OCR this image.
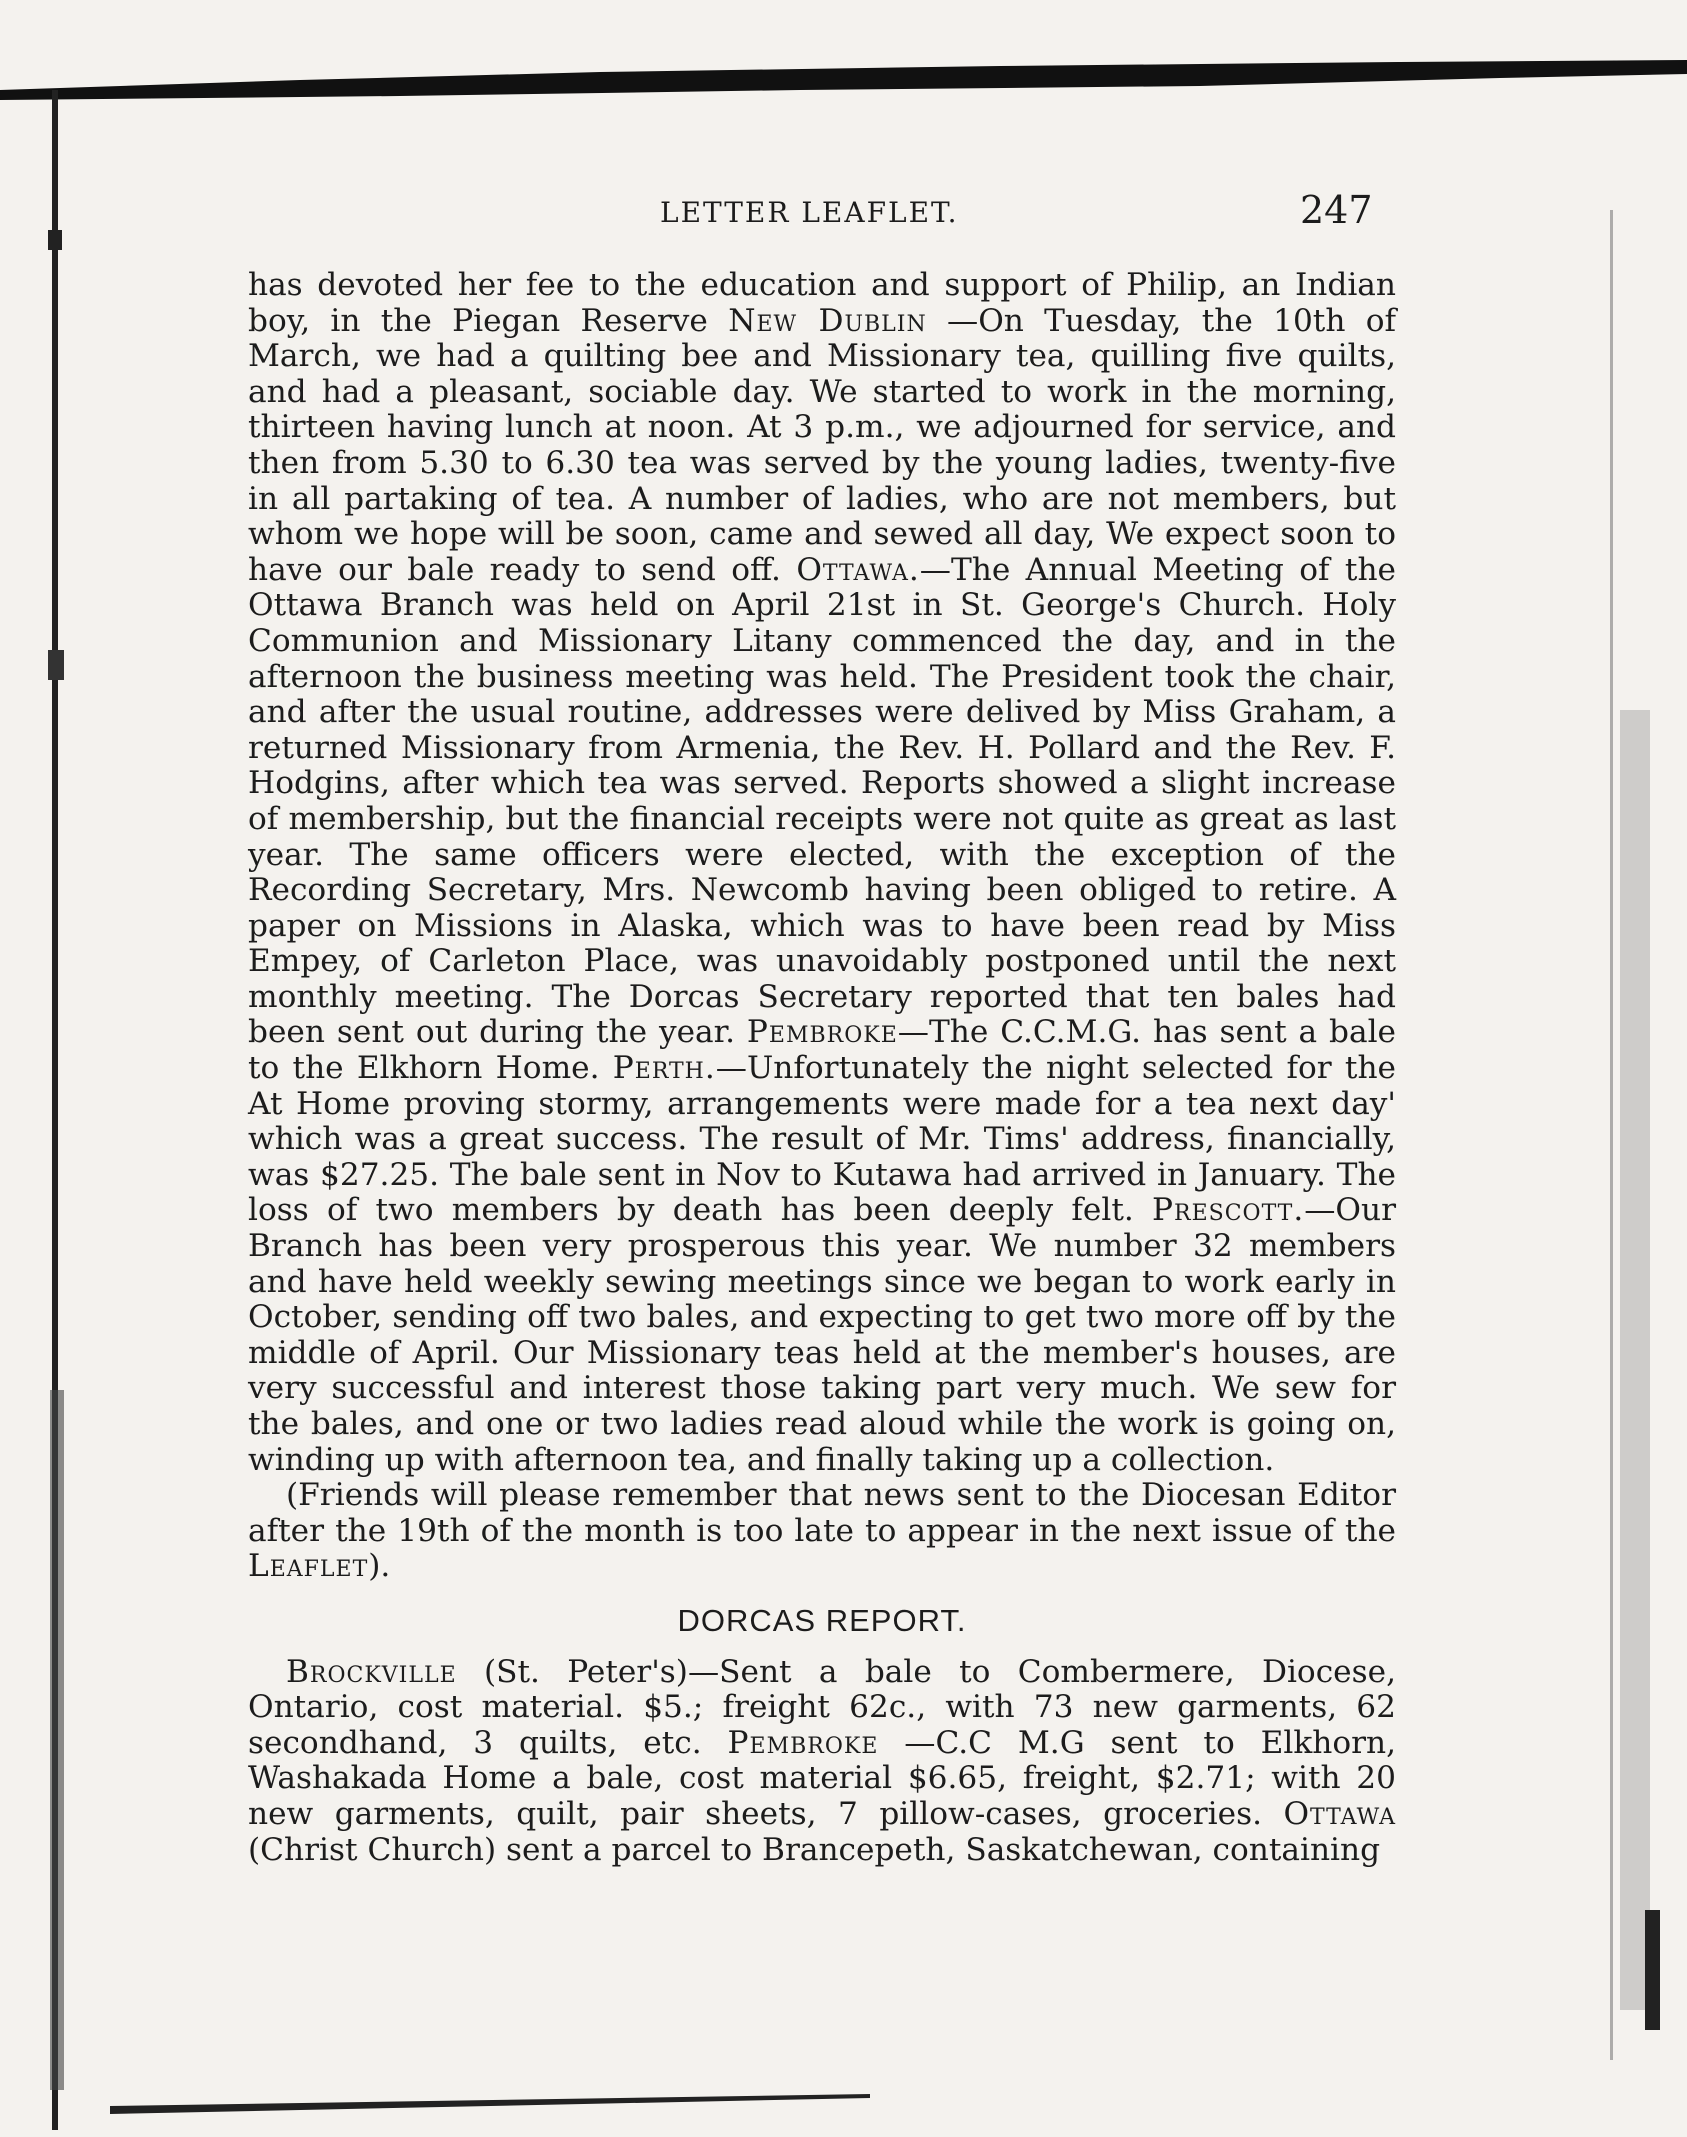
LETTER LEAFLET.	247

has devoted her fee to the education and support of Philip, an Indian boy, in the Piegan Reserve New Dublin —On Tuesday, the 10th of March, we had a quilting bee and Missionary tea, quilling five quilts, and had a pleasant, sociable day. We started to work in the morning, thirteen having lunch at noon. At 3 p.m., we adjourned for service, and then from 5.30 to 6.30 tea was served by the young ladies, twenty-five in all partaking of tea. A number of ladies, who are not members, but whom we hope will be soon, came and sewed all day, We expect soon to have our bale ready to send off. Ottawa.—The Annual Meeting of the Ottawa Branch was held on April 21st in St. George's Church. Holy Communion and Missionary Litany commenced the day, and in the afternoon the business meeting was held. The President took the chair, and after the usual routine, addresses were delived by Miss Graham, a returned Missionary from Armenia, the Rev. H. Pollard and the Rev. F. Hodgins, after which tea was served. Reports showed a slight increase of membership, but the financial receipts were not quite as great as last year. The same officers were elected, with the exception of the Recording Secretary, Mrs. Newcomb having been obliged to retire. A paper on Missions in Alaska, which was to have been read by Miss Empey, of Carleton Place, was unavoidably postponed until the next monthly meeting. The Dorcas Secretary reported that ten bales had been sent out during the year. Pembroke—The C.C.M.G. has sent a bale to the Elkhorn Home. Perth.—Unfortunately the night selected for the At Home proving stormy, arrangements were made for a tea next day' which was a great success. The result of Mr. Tims' address, financially, was $27.25. The bale sent in Nov to Kutawa had arrived in January. The loss of two members by death has been deeply felt. Prescott.—Our Branch has been very prosperous this year. We number 32 members and have held weekly sewing meetings since we began to work early in October, sending off two bales, and expecting to get two more off by the middle of April. Our Missionary teas held at the member's houses, are very successful and interest those taking part very much. We sew for the bales, and one or two ladies read aloud while the work is going on, winding up with afternoon tea, and finally taking up a collection.

(Friends will please remember that news sent to the Diocesan Editor after the 19th of the month is too late to appear in the next issue of the Leaflet).

DORCAS REPORT.

Brockville (St. Peter's)—Sent a bale to Combermere, Diocese, Ontario, cost material. $5.; freight 62c., with 73 new garments, 62 secondhand, 3 quilts, etc. Pembroke —C.C M.G sent to Elkhorn, Washakada Home a bale, cost material $6.65, freight, $2.71; with 20 new garments, quilt, pair sheets, 7 pillow-cases, groceries. Ottawa (Christ Church) sent a parcel to Brancepeth, Saskatchewan, containing
